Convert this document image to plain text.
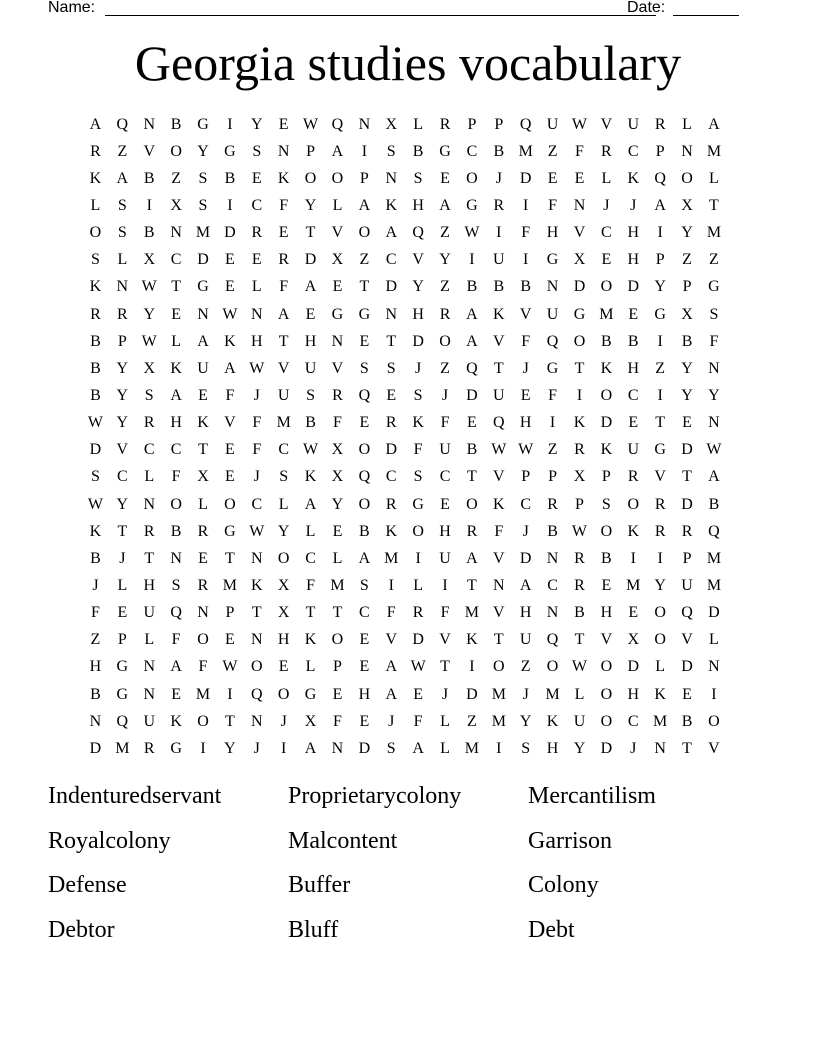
Name:	Date:
Georgia studies vocabulary
A Q N B G	I	Y	E W Q N X	L	R	P	P	Q U W V U R	L	A
R	Z	V O Y G	S	N	P	A	I	S	B G C	B M Z	F	R	C	P	N M
K A B	Z	S	B	E	K O O	P	N	S	E	O	J	D	E	E	L	K Q O	L
L	S	I	X	S	I	C	F	Y	L	A K H A G R	I	F	N	J	J	A X	T
O	S	B N M D R	E	T	V O A Q	Z W	I	F	H V C H	I	Y M
S	L	X C D	E	E	R D X	Z	C V Y	I	U	I	G X	E	H	P	Z	Z
K N W T	G	E	L	F	A	E	T	D Y	Z	B	B	B N D O D Y	P	G
R	R Y	E	N W N A	E	G G N H R A K V U G M E	G X	S
B	P W L	A K H	T	H N	E	T	D O A V	F	Q O B	B	I	B	F
B Y X K U A W V U V	S	S	J	Z	Q	T	J	G	T	K H	Z	Y N
B Y	S	A	E	F	J	U	S	R Q	E	S	J	D U	E	F	I	O C	I	Y Y
W Y R H K V	F M B	F	E	R K	F	E	Q H	I	K D	E	T	E	N
D V C	C	T	E	F	C W X O D	F	U B W W Z	R K U G D W
S	C	L	F	X	E	J	S	K X Q C	S	C	T	V	P	P	X	P	R V	T	A
W Y N O	L	O C	L	A Y O R G	E	O K C	R	P	S	O R D B
K	T	R	B	R G W Y	L	E	B K O H R	F	J	B W O K R	R Q
B	J	T	N	E	T	N O C	L	A M	I	U A V D N R	B	I	I	P M
J	L	H	S	R M K X	F M S	I	L	I	T	N A C	R	E M Y U M
F	E	U Q N	P	T	X	T	T	C	F	R	F M V H N B H	E	O Q D
Z	P	L	F	O	E	N H K O	E	V D V K	T	U Q	T	V X O V	L
H G N A	F W O	E	L	P	E	A W T	I	O	Z	O W O D	L	D N
B G N	E M	I	Q O G	E	H A	E	J	D M	J	M L	O H K	E	I
N Q U K O	T	N	J	X	F	E	J	F	L	Z M Y K U O C M B O
D M R G	I	Y	J	I	A N D	S	A	L M	I	S	H Y D	J	N	T	V
Indenturedservant	Proprietarycolony	Mercantilism
Royalcolony	Malcontent	Garrison
Defense	Buffer	Colony
Debtor	Bluff	Debt
